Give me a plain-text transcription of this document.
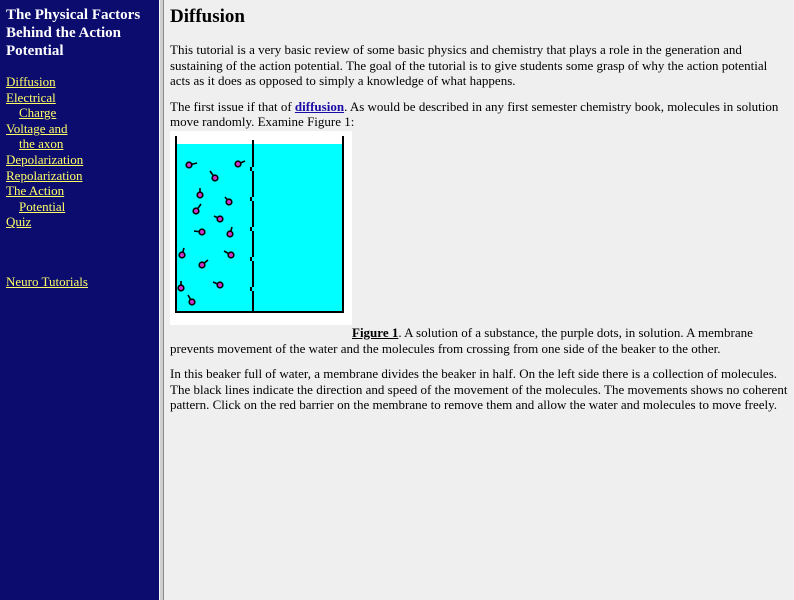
The Physical Factors Behind the Action Potential
Diffusion
Electrical
Charge
Voltage and
the axon
Depolarization
Repolarization
The Action
Potential
Quiz
Neuro Tutorials
Diffusion

This tutorial is a very basic review of some basic physics and chemistry that plays a role in the generation and sustaining of the action potential. The goal of the tutorial is to give students some grasp of why the action potential acts as it does as opposed to simply a knowledge of what happens.

The first issue if that of diffusion. As would be described in any first semester chemistry book, molecules in solution move randomly. Examine Figure 1:

Figure 1. A solution of a substance, the purple dots, in solution. A membrane prevents movement of the water and the molecules from crossing from one side of the beaker to the other.

In this beaker full of water, a membrane divides the beaker in half. On the left side there is a collection of molecules. The black lines indicate the direction and speed of the movement of the molecules. The movements shows no coherent pattern. Click on the red barrier on the membrane to remove them and allow the water and molecules to move freely.
